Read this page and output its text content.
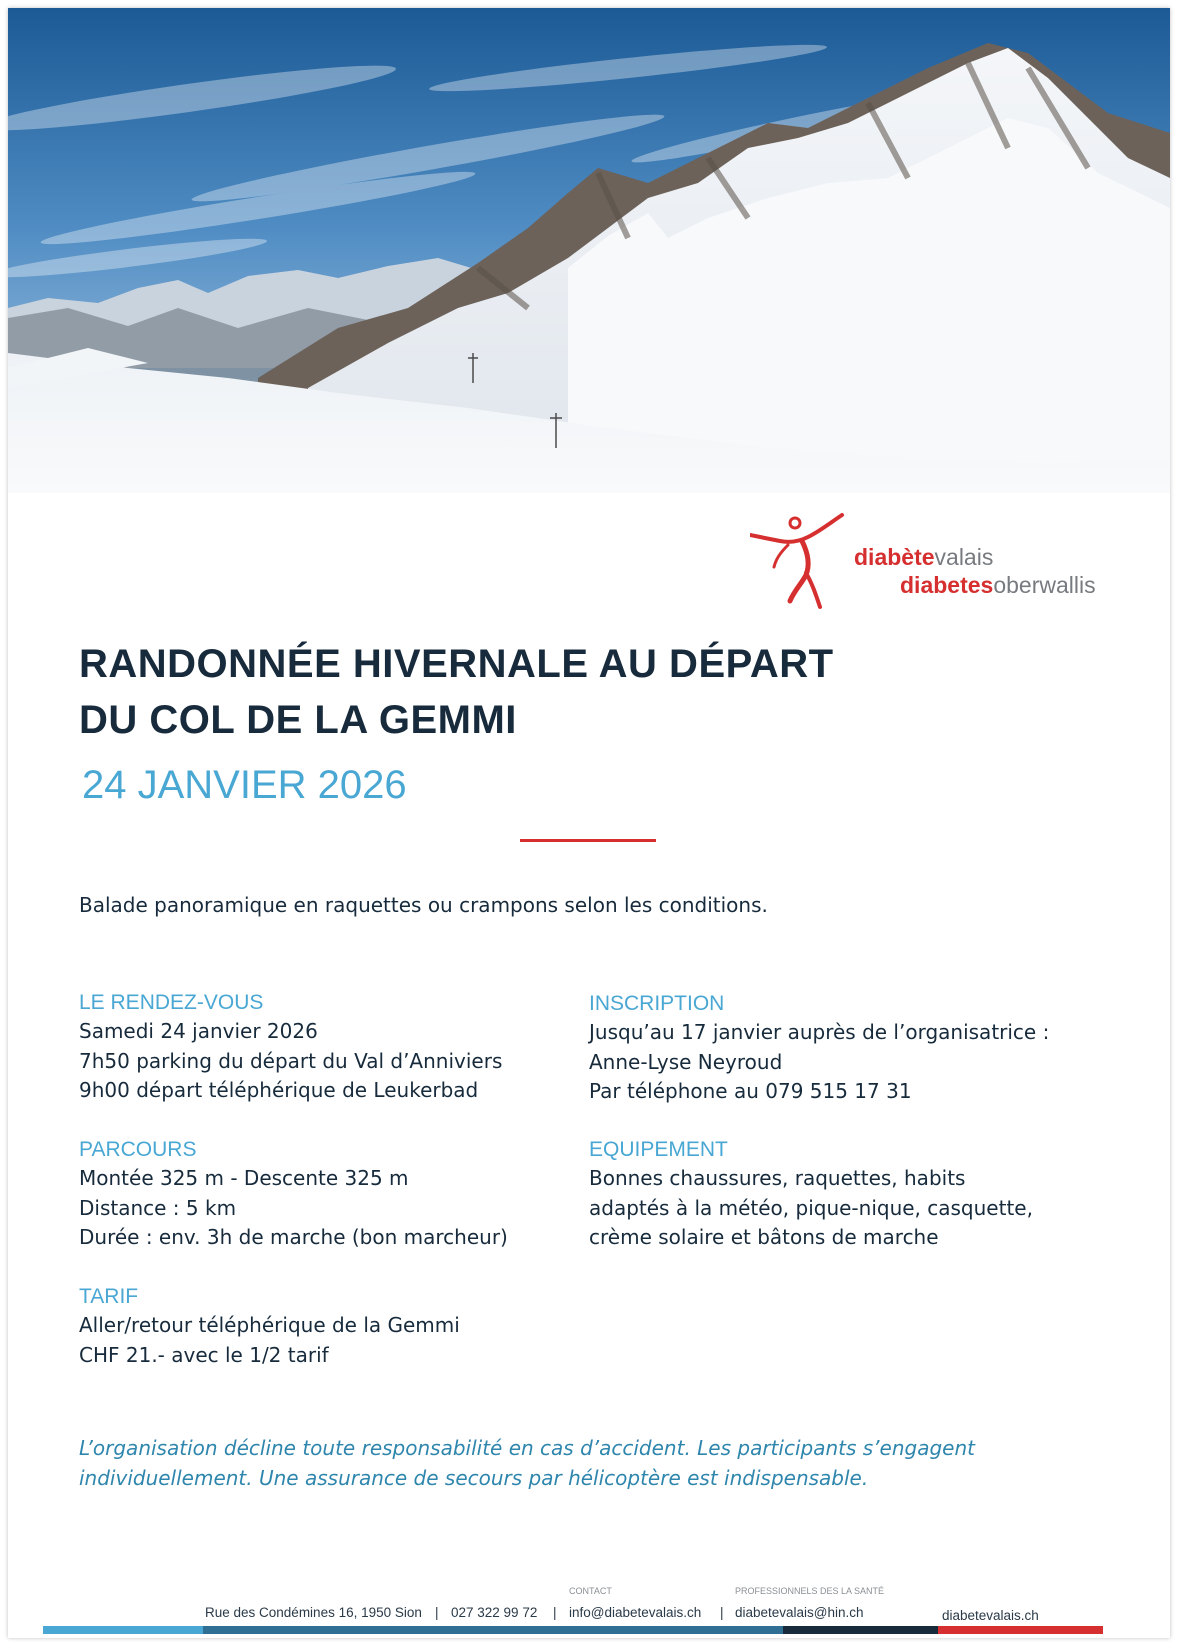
diabètevalais
diabetesoberwallis
RANDONNÉE HIVERNALE AU DÉPART
DU COL DE LA GEMMI
24 JANVIER 2026
Balade panoramique en raquettes ou crampons selon les conditions.
LE RENDEZ-VOUS

Samedi 24 janvier 2026

7h50 parking du départ du Val d’Anniviers

9h00 départ téléphérique de Leukerbad

PARCOURS

Montée 325 m - Descente 325 m

Distance : 5 km

Durée : env. 3h de marche (bon marcheur)

TARIF

Aller/retour téléphérique de la Gemmi

CHF 21.- avec le 1/2 tarif

INSCRIPTION

Jusqu’au 17 janvier auprès de l’organisatrice :

Anne-Lyse Neyroud

Par téléphone au 079 515 17 31

EQUIPEMENT

Bonnes chaussures, raquettes, habits

adaptés à la météo, pique-nique, casquette,

crème solaire et bâtons de marche

L’organisation décline toute responsabilité en cas d’accident. Les participants s’engagent
individuellement. Une assurance de secours par hélicoptère est indispensable.
CONTACT	PROFESSIONNELS DES LA SANTÉ
Rue des Condémines 16, 1950 Sion | 027 322 99 72 | info@diabetevalais.ch | diabetevalais@hin.ch	diabetevalais.ch
